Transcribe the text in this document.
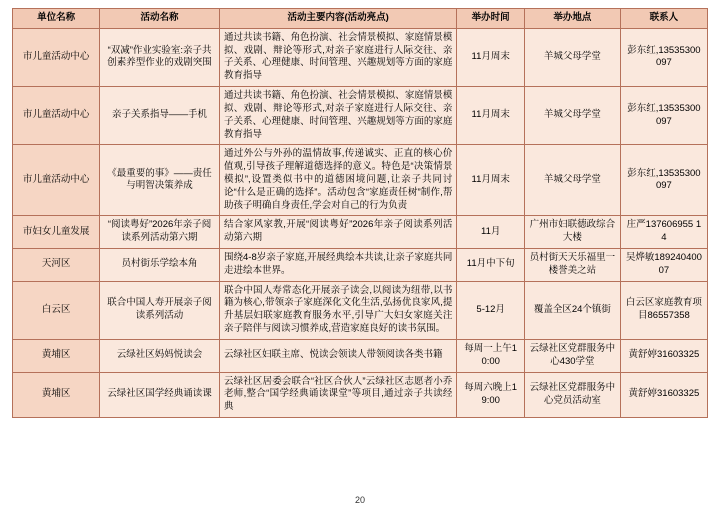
单位名称	活动名称	活动主要内容(活动亮点)	举办时间	举办地点	联系人
市儿童活动中心	“双减”作业实验室:亲子共创素养型作业的戏剧突围	通过共读书籍、角色扮演、社会情景模拟、家庭情景模拟、戏剧、辩论等形式,对亲子家庭进行人际交往、亲子关系、心理健康、时间管理、兴趣规划等方面的家庭教育指导	11月周末	羊城父母学堂	彭东红,13535300097
市儿童活动中心	亲子关系指导——手机	通过共读书籍、角色扮演、社会情景模拟、家庭情景模拟、戏剧、辩论等形式,对亲子家庭进行人际交往、亲子关系、心理健康、时间管理、兴趣规划等方面的家庭教育指导	11月周末	羊城父母学堂	彭东红,13535300097
市儿童活动中心	《最重要的事》——责任与明智决策养成	通过外公与外孙的温情故事,传递诚实、正直的核心价值观,引导孩子理解道德选择的意义。特色是“决策情景模拟”,设置类似书中的道德困境问题,让亲子共同讨论“什么是正确的选择”。活动包含“家庭责任树”制作,帮助孩子明确自身责任,学会对自己的行为负责	11月周末	羊城父母学堂	彭东红,13535300097
市妇女儿童发展	“阅读粤好”2026年亲子阅读系列活动第六期	结合家风家教,开展“阅读粤好”2026年亲子阅读系列活动第六期	11月	广州市妇联德政综合大楼	庄严137606955 14
天河区	员村街乐学绘本角	围绕4-8岁亲子家庭,开展经典绘本共读,让亲子家庭共同走进绘本世界。	11月中下旬	员村街天天乐福里一楼誉美之站	吴烨敏189240400 07
白云区	联合中国人寿开展亲子阅读系列活动	联合中国人寿常态化开展亲子读会,以阅读为纽带,以书籍为核心,带领亲子家庭深化文化生活,弘扬优良家风,提升基层妇联家庭教育服务水平,引导广大妇女家庭关注亲子陪伴与阅读习惯养成,营造家庭良好的读书氛围。	5-12月	覆盖全区24个镇街	白云区家庭教育项目86557358
黄埔区	云绿社区妈妈悦读会	云绿社区妇联主席、悦读会领读人带领阅读各类书籍	每周一上午10:00	云绿社区党群服务中心430学堂	黄舒婷31603325
黄埔区	云绿社区国学经典诵读课	云绿社区居委会联合“社区合伙人”云绿社区志愿者小乔老师,整合“国学经典诵读课堂”等项目,通过亲子共读经典	每周六晚上19:00	云绿社区党群服务中心党员活动室	黄舒婷31603325
20
